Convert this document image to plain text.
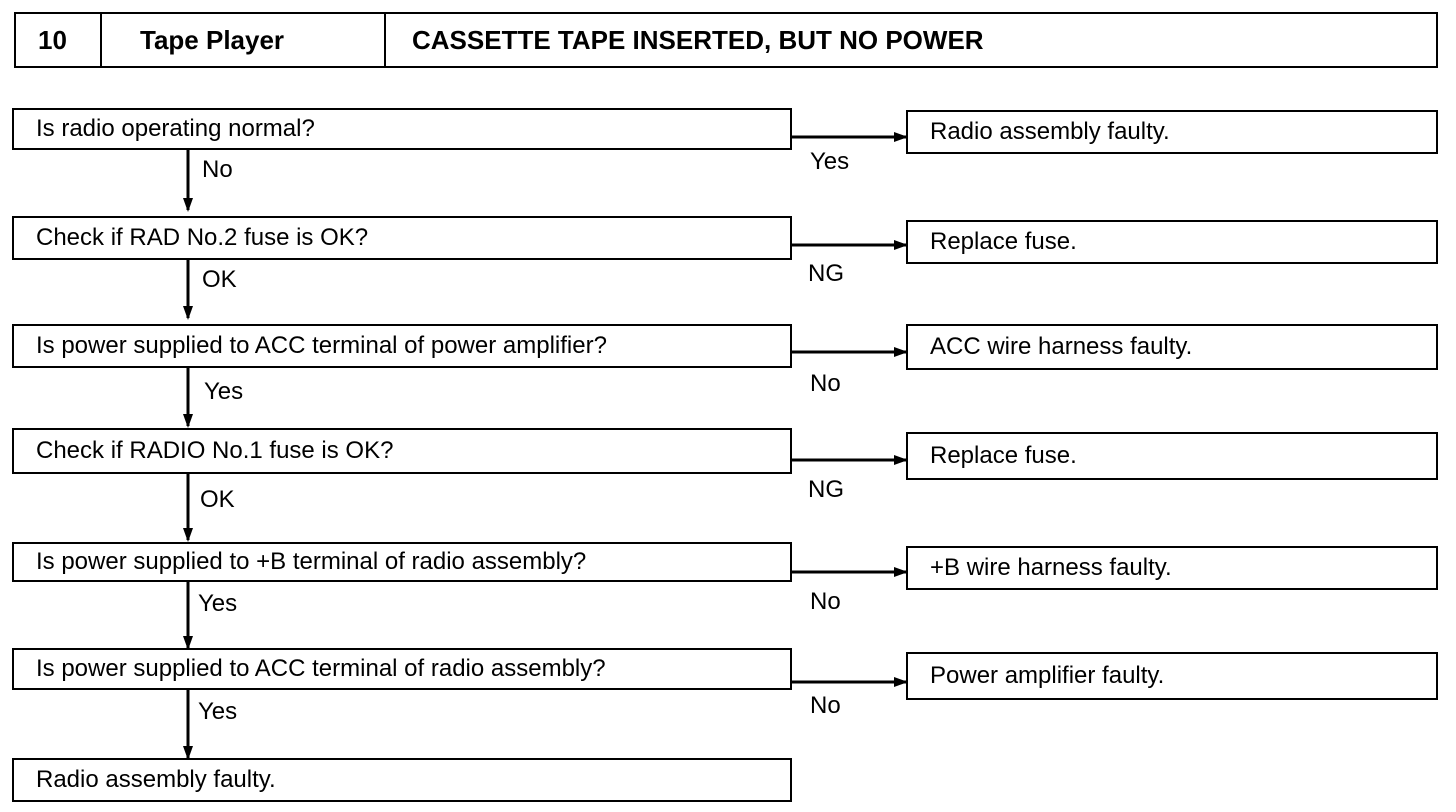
10	Tape Player	CASSETTE TAPE INSERTED, BUT NO POWER
Is radio operating normal?	Radio assembly faulty.
No	Yes
Check if RAD No.2 fuse is OK?	Replace fuse.
OK	NG
Is power supplied to ACC terminal of power amplifier?	ACC wire harness faulty.
Yes	No
Check if RADIO No.1 fuse is OK?	Replace fuse.
OK	NG
Is power supplied to +B terminal of radio assembly?	+B wire harness faulty.
Yes	No
Is power supplied to ACC terminal of radio assembly?	Power amplifier faulty.
Yes	No
Radio assembly faulty.
